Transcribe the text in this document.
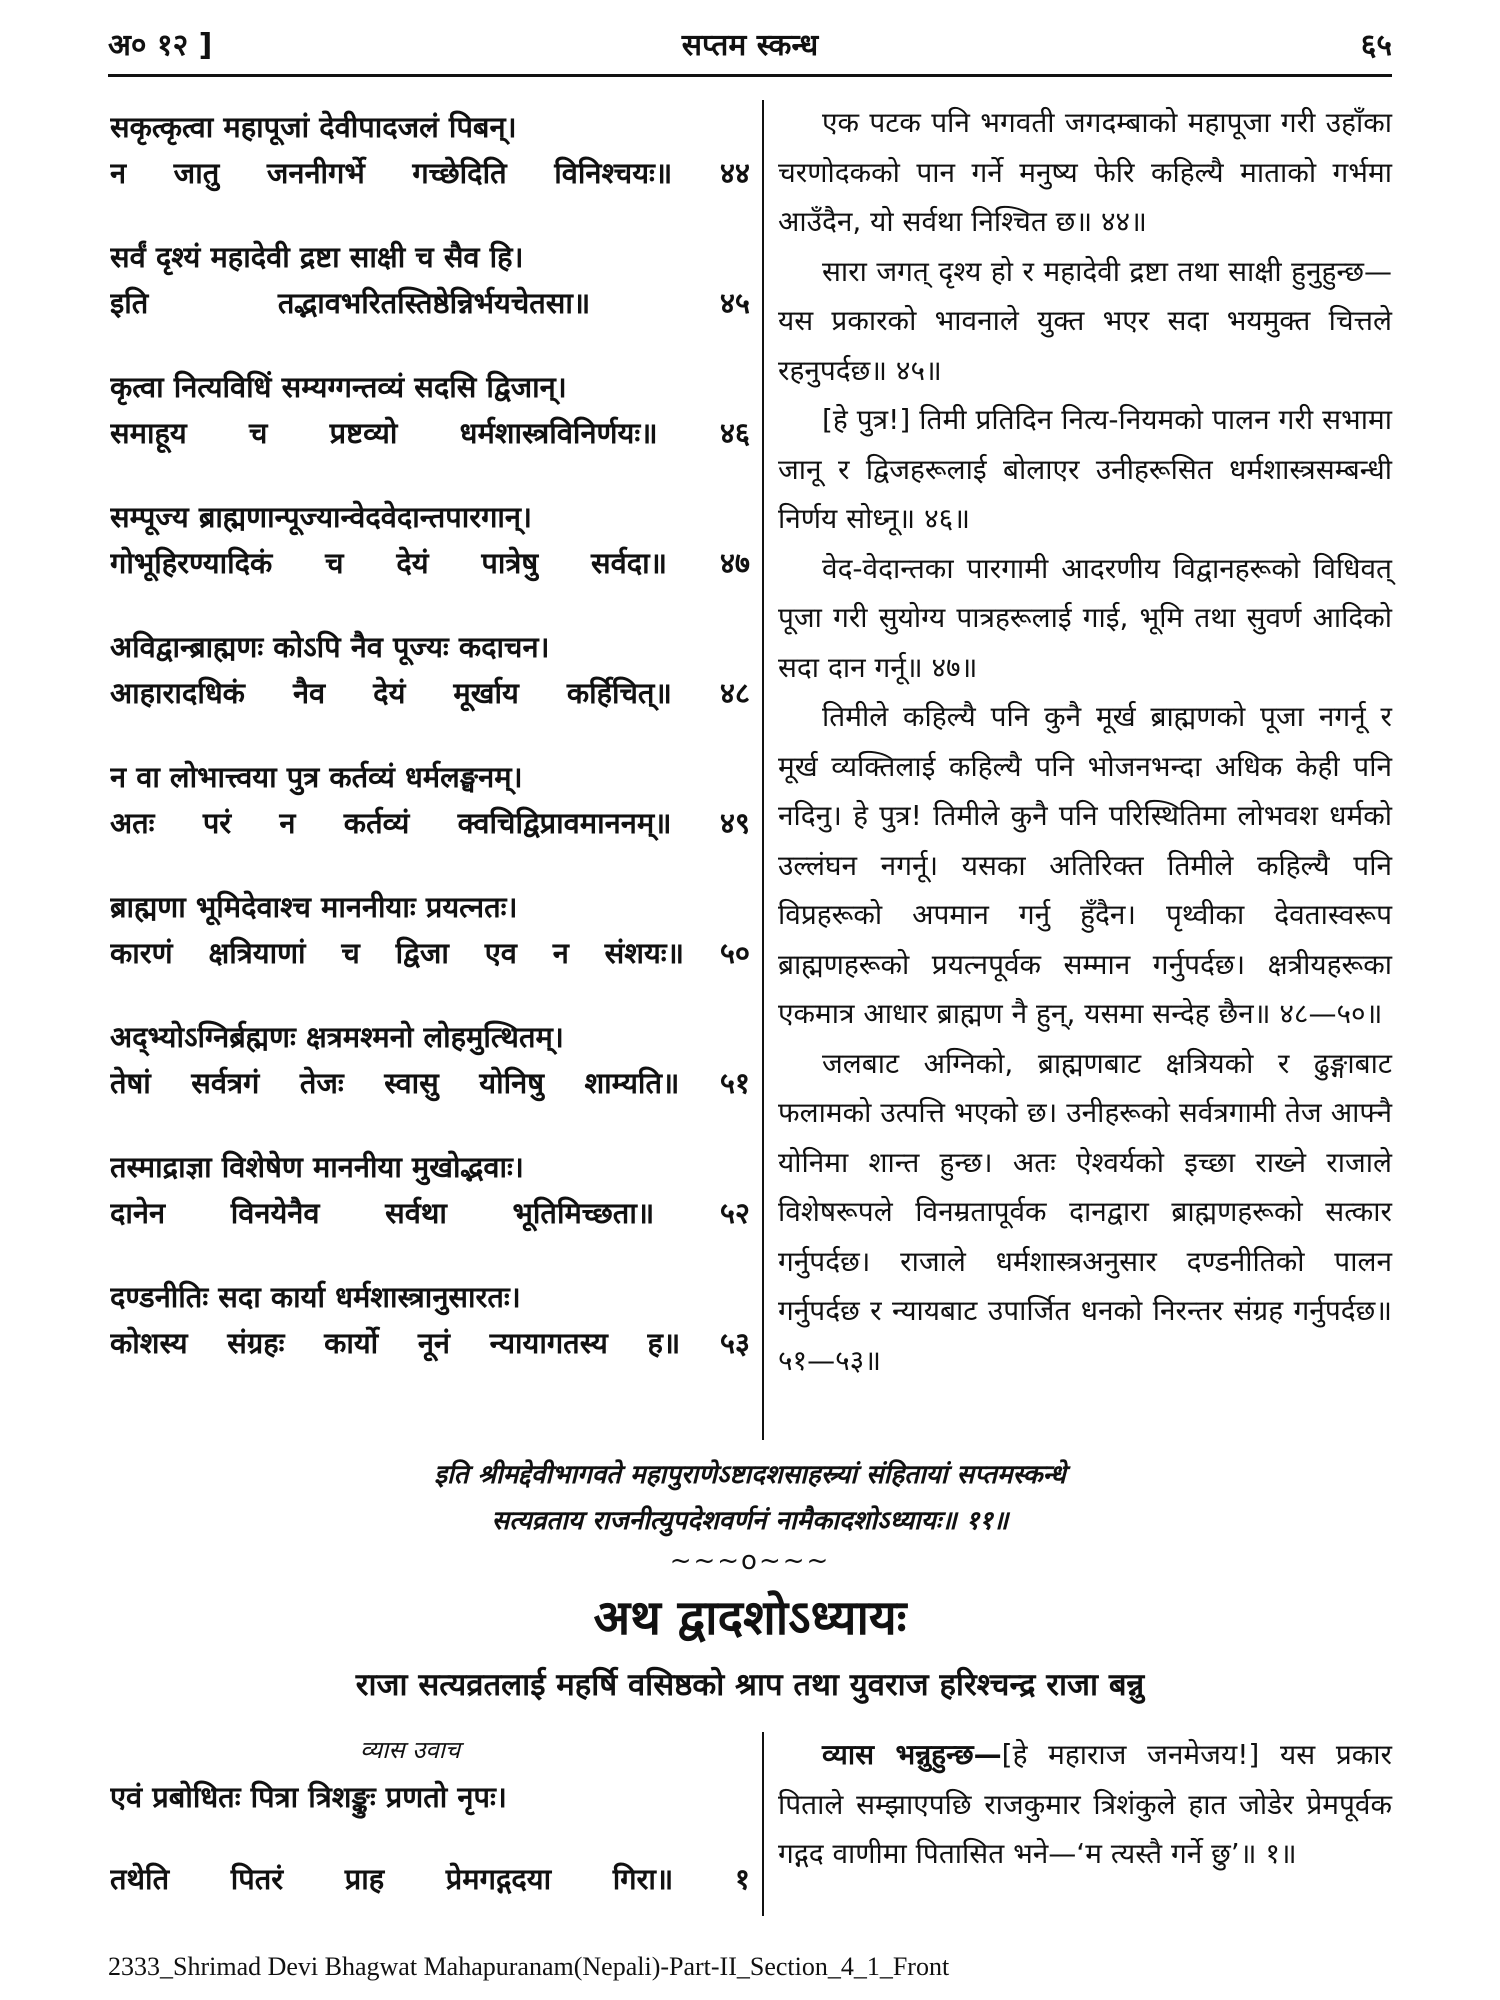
अ० १२ ]	सप्तम स्कन्ध	६५
सकृत्कृत्वा महापूजां देवीपादजलं पिबन्।
न जातु जननीगर्भे गच्छेदिति विनिश्चयः॥ ४४
सर्वं दृश्यं महादेवी द्रष्टा साक्षी च सैव हि।
इति तद्भावभरितस्तिष्ठेन्निर्भयचेतसा॥ ४५
कृत्वा नित्यविधिं सम्यग्गन्तव्यं सदसि द्विजान्।
समाहूय च प्रष्टव्यो धर्मशास्त्रविनिर्णयः॥ ४६
सम्पूज्य ब्राह्मणान्पूज्यान्वेदवेदान्तपारगान्।
गोभूहिरण्यादिकं च देयं पात्रेषु सर्वदा॥ ४७
अविद्वान्ब्राह्मणः कोऽपि नैव पूज्यः कदाचन।
आहारादधिकं नैव देयं मूर्खाय कर्हिचित्॥ ४८
न वा लोभात्त्वया पुत्र कर्तव्यं धर्मलङ्घनम्।
अतः परं न कर्तव्यं क्वचिद्विप्रावमाननम्॥ ४९
ब्राह्मणा भूमिदेवाश्च माननीयाः प्रयत्नतः।
कारणं क्षत्रियाणां च द्विजा एव न संशयः॥ ५०
अद्भ्योऽग्निर्ब्रह्मणः क्षत्रमश्मनो लोहमुत्थितम्।
तेषां सर्वत्रगं तेजः स्वासु योनिषु शाम्यति॥ ५१
तस्माद्राज्ञा विशेषेण माननीया मुखोद्भवाः।
दानेन विनयेनैव सर्वथा भूतिमिच्छता॥ ५२
दण्डनीतिः सदा कार्या धर्मशास्त्रानुसारतः।
कोशस्य संग्रहः कार्यो नूनं न्यायागतस्य ह॥ ५३

एक पटक पनि भगवती जगदम्बाको महापूजा गरी उहाँका चरणोदकको पान गर्ने मनुष्य फेरि कहिल्यै माताको गर्भमा आउँदैन, यो सर्वथा निश्चित छ॥ ४४॥

सारा जगत् दृश्य हो र महादेवी द्रष्टा तथा साक्षी हुनुहुन्छ—यस प्रकारको भावनाले युक्त भएर सदा भयमुक्त चित्तले रहनुपर्दछ॥ ४५॥

[हे पुत्र!] तिमी प्रतिदिन नित्य-नियमको पालन गरी सभामा जानू र द्विजहरूलाई बोलाएर उनीहरूसित धर्मशास्त्रसम्बन्धी निर्णय सोध्नू॥ ४६॥

वेद-वेदान्तका पारगामी आदरणीय विद्वानहरूको विधिवत् पूजा गरी सुयोग्य पात्रहरूलाई गाई, भूमि तथा सुवर्ण आदिको सदा दान गर्नू॥ ४७॥

तिमीले कहिल्यै पनि कुनै मूर्ख ब्राह्मणको पूजा नगर्नू र मूर्ख व्यक्तिलाई कहिल्यै पनि भोजनभन्दा अधिक केही पनि नदिनु। हे पुत्र! तिमीले कुनै पनि परिस्थितिमा लोभवश धर्मको उल्लंघन नगर्नू। यसका अतिरिक्त तिमीले कहिल्यै पनि विप्रहरूको अपमान गर्नु हुँदैन। पृथ्वीका देवतास्वरूप ब्राह्मणहरूको प्रयत्नपूर्वक सम्मान गर्नुपर्दछ। क्षत्रीयहरूका एकमात्र आधार ब्राह्मण नै हुन्, यसमा सन्देह छैन॥ ४८—५०॥

जलबाट अग्निको, ब्राह्मणबाट क्षत्रियको र ढुङ्गाबाट फलामको उत्पत्ति भएको छ। उनीहरूको सर्वत्रगामी तेज आफ्नै योनिमा शान्त हुन्छ। अतः ऐश्वर्यको इच्छा राख्ने राजाले विशेषरूपले विनम्रतापूर्वक दानद्वारा ब्राह्मणहरूको सत्कार गर्नुपर्दछ। राजाले धर्मशास्त्रअनुसार दण्डनीतिको पालन गर्नुपर्दछ र न्यायबाट उपार्जित धनको निरन्तर संग्रह गर्नुपर्दछ॥ ५१—५३॥

इति श्रीमद्देवीभागवते महापुराणेऽष्टादशसाहस्र्यां संहितायां सप्तमस्कन्धे
सत्यव्रताय राजनीत्युपदेशवर्णनं नामैकादशोऽध्यायः॥ ११॥
~~~o~~~
अथ द्वादशोऽध्यायः
राजा सत्यव्रतलाई महर्षि वसिष्ठको श्राप तथा युवराज हरिश्चन्द्र राजा बन्नु
व्यास उवाच
एवं प्रबोधितः पित्रा त्रिशङ्कुः प्रणतो नृपः।
तथेति पितरं प्राह प्रेमगद्गदया गिरा॥ १

व्यास भन्नुहुन्छ—[हे महाराज जनमेजय!] यस प्रकार पिताले सम्झाएपछि राजकुमार त्रिशंकुले हात जोडेर प्रेमपूर्वक गद्गद वाणीमा पितासित भने—‘म त्यस्तै गर्ने छु’॥ १॥

2333_Shrimad Devi Bhagwat Mahapuranam(Nepali)-Part-II_Section_4_1_Front
